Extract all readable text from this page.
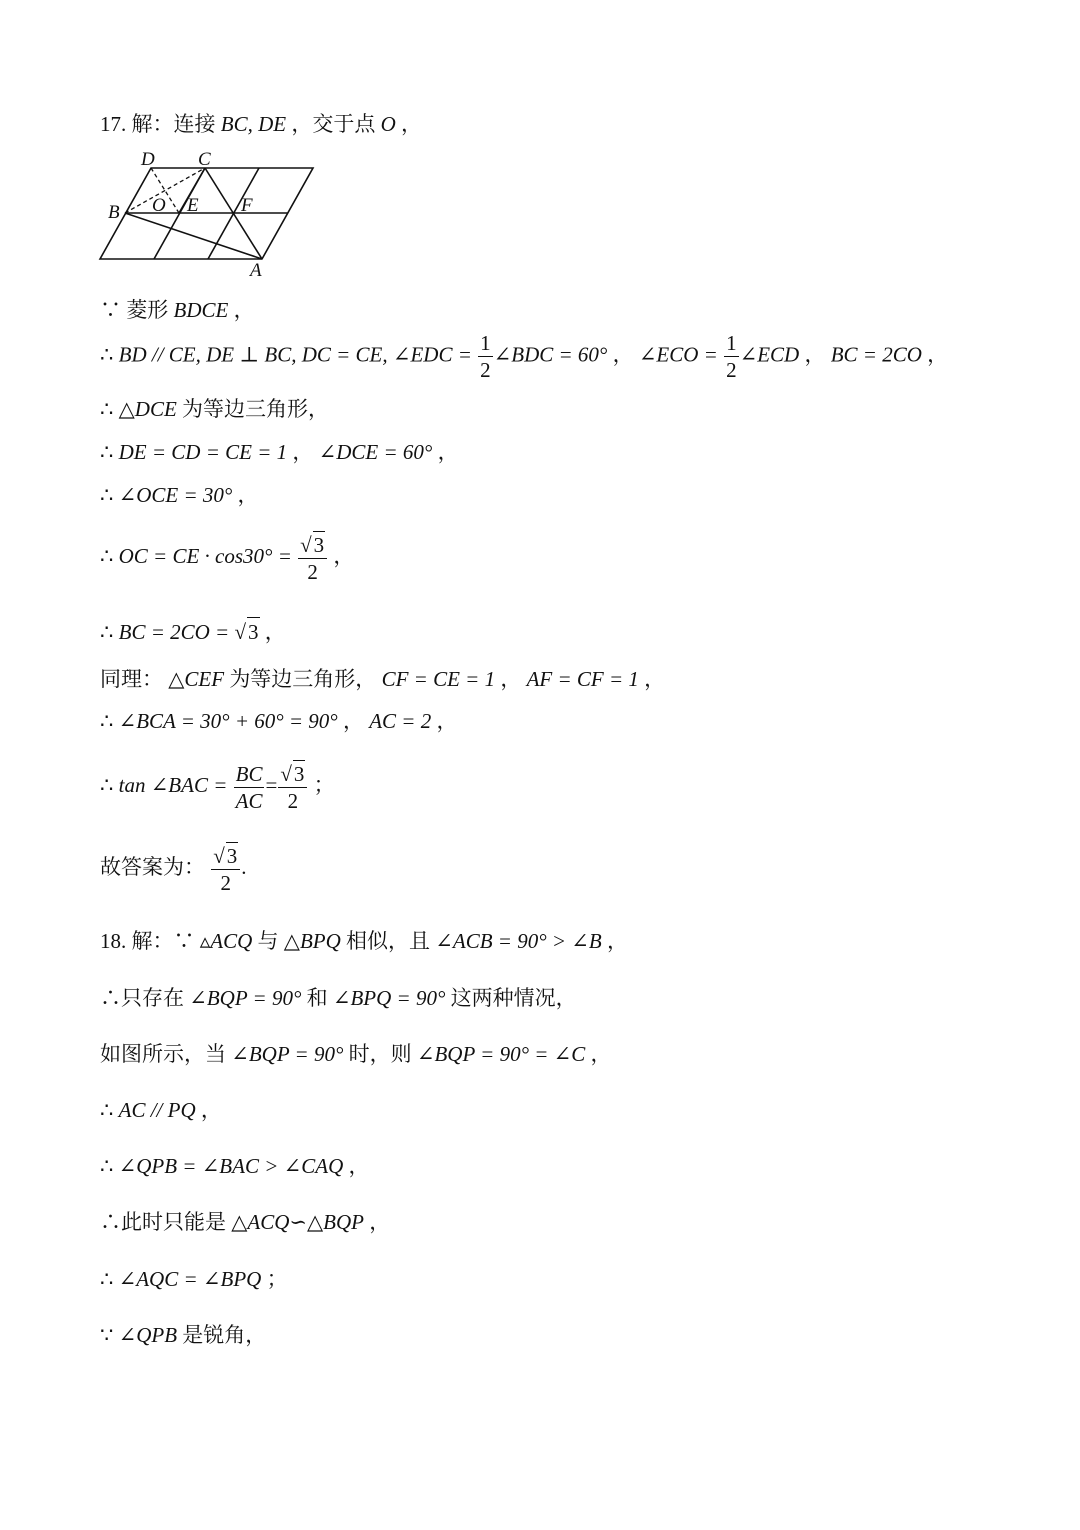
17. 解：连接 BC, DE ，交于点 O ，
D C
B O E F
A
∵ 菱形 BDCE ，
∴ BD // CE, DE ⊥ BC, DC = CE, ∠EDC = $\frac{1}{2}$ ∠BDC = 60° ， ∠ECO = $\frac{1}{2}$ ∠ECD ， BC = 2CO ，
∴ △DCE 为等边三角形，
∴ DE = CD = CE = 1 ， ∠DCE = 60° ，
∴ ∠OCE = 30° ，
∴ OC = CE · $\cos 30^\circ = \frac{√3}{2}$ ，
∴ BC = 2CO = √3 ，
同理： △CEF 为等边三角形， CF = CE = 1 ， AF = CF = 1 ，
∴ ∠BCA = 30° + 60° = 90° ， AC = 2 ，
∴ tan ∠BAC = $\frac{BC}{AC} = \frac{√3}{2}$ ；
故答案为： $\frac{√3}{2}$ .
18. 解：∵ ▵ACQ 与 △BPQ 相似，且 ∠ACB = 90° > ∠B ，
∴只存在 ∠BQP = 90° 和 ∠BPQ = 90° 这两种情况，
如图所示，当 ∠BQP = 90° 时，则 ∠BQP = 90° = ∠C ，
∴ AC // PQ ，
∴ ∠QPB = ∠BAC > ∠CAQ ，
∴此时只能是 △ACQ∽△BQP ，
∴ ∠AQC = ∠BPQ ；
∵ ∠QPB 是锐角，
